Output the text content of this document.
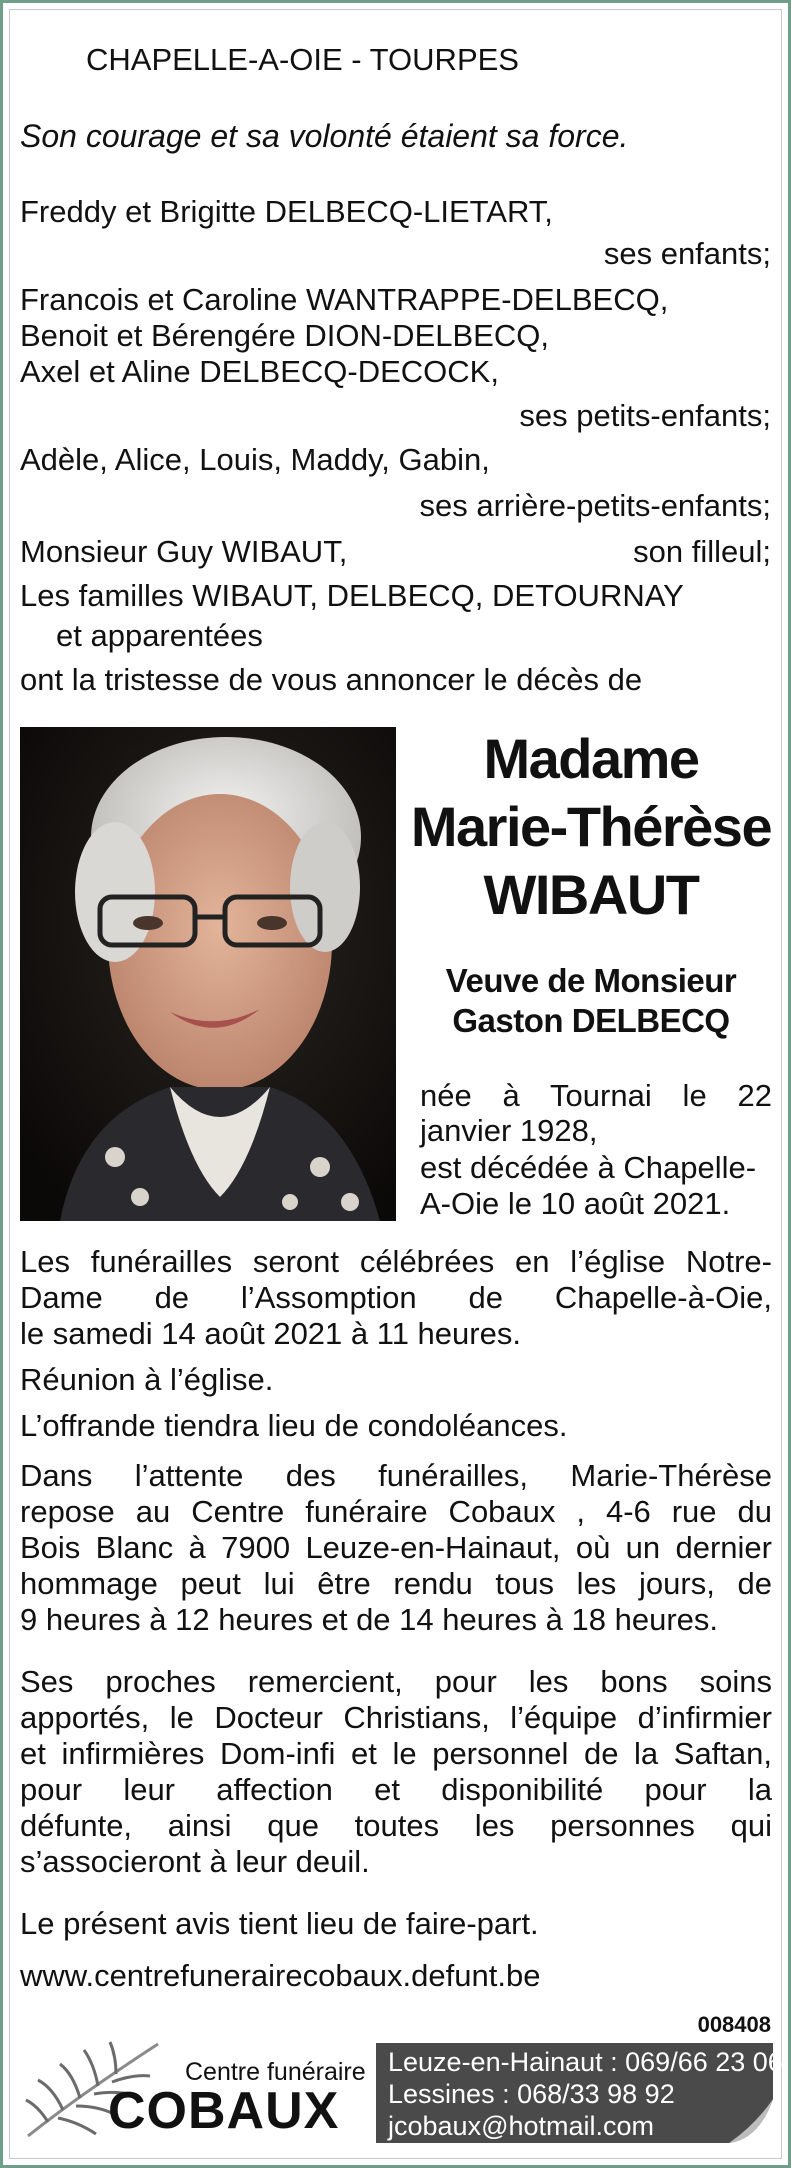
CHAPELLE-A-OIE - TOURPES
Son courage et sa volonté étaient sa force.
Freddy et Brigitte DELBECQ-LIETART,
ses enfants;
Francois et Caroline WANTRAPPE-DELBECQ,
Benoit et Bérengére DION-DELBECQ,
Axel et Aline DELBECQ-DECOCK,
ses petits-enfants;
Adèle, Alice, Louis, Maddy, Gabin,
ses arrière-petits-enfants;
Monsieur Guy WIBAUT,	son filleul;
Les familles WIBAUT, DELBECQ, DETOURNAY
et apparentées
ont la tristesse de vous annoncer le décès de
Madame
Marie-Thérèse
WIBAUT
Veuve de Monsieur
Gaston DELBECQ
née à Tournai le 22
janvier 1928,
est décédée à Chapelle-
A-Oie le 10 août 2021.
Les funérailles seront célébrées en l’église Notre-
Dame de l’Assomption de Chapelle-à-Oie,
le samedi 14 août 2021 à 11 heures.
Réunion à l’église.
L’offrande tiendra lieu de condoléances.
Dans l’attente des funérailles, Marie-Thérèse
repose au Centre funéraire Cobaux , 4-6 rue du
Bois Blanc à 7900 Leuze-en-Hainaut, où un dernier
hommage peut lui être rendu tous les jours, de
9 heures à 12 heures et de 14 heures à 18 heures.
Ses proches remercient, pour les bons soins
apportés, le Docteur Christians, l’équipe d’infirmier
et infirmières Dom-infi et le personnel de la Saftan,
pour leur affection et disponibilité pour la
défunte, ainsi que toutes les personnes qui
s’associeront à leur deuil.
Le présent avis tient lieu de faire-part.
www.centrefunerairecobaux.defunt.be
008408
Centre funéraire
COBAUX
Leuze-en-Hainaut : 069/66 23 06
Lessines : 068/33 98 92
jcobaux@hotmail.com
